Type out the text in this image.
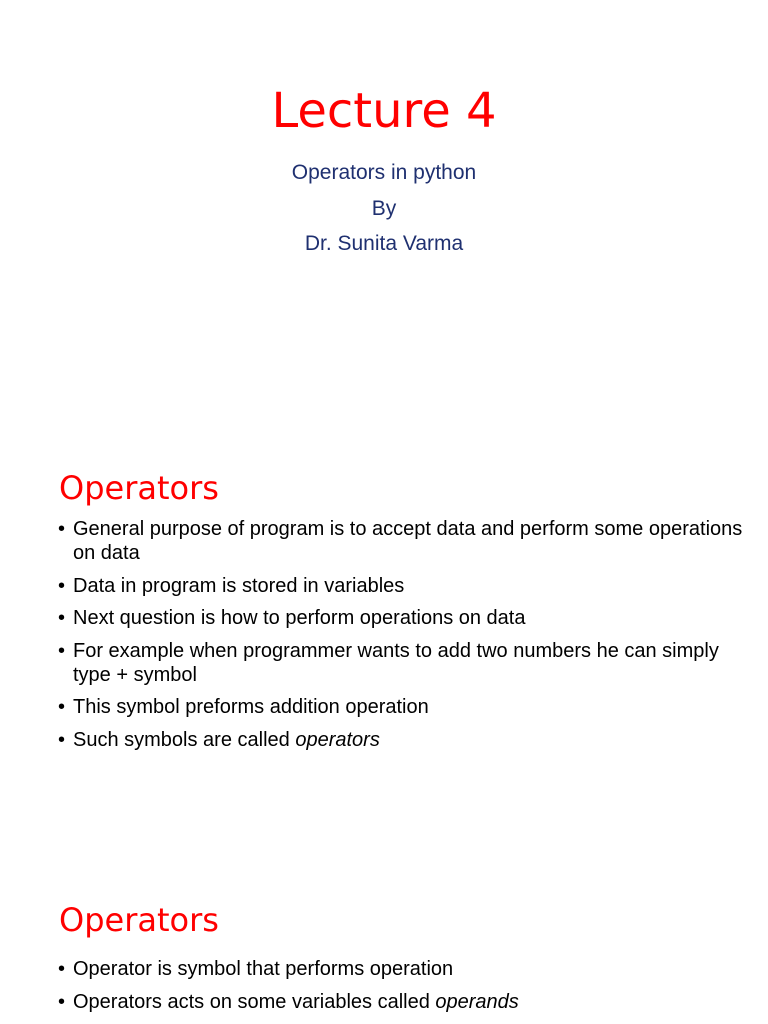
Lecture 4
Operators in python
By
Dr. Sunita Varma
Operators
• General purpose of program is to accept data and perform some operations on data
• Data in program is stored in variables
• Next question is how to perform operations on data
• For example when programmer wants to add two numbers he can simply type + symbol
• This symbol preforms addition operation
• Such symbols are called operators
Operators
• Operator is symbol that performs operation
• Operators acts on some variables called operands
